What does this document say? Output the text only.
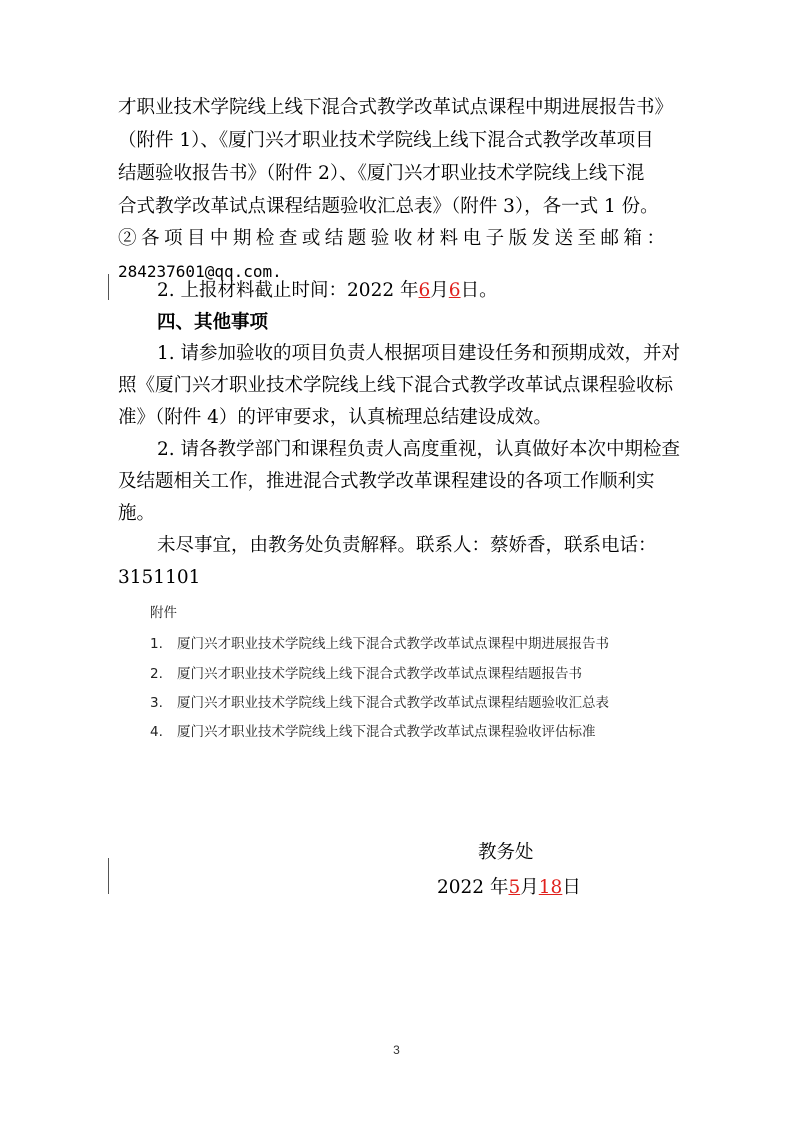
才职业技术学院线上线下混合式教学改革试点课程中期进展报告书》
（附件 1）、《厦门兴才职业技术学院线上线下混合式教学改革项目
结题验收报告书》（附件 2）、《厦门兴才职业技术学院线上线下混
合式教学改革试点课程结题验收汇总表》（附件 3），各一式 1 份。
②各项目中期检查或结题验收材料电子版发送至邮箱：
284237601@qq.com.
2. 上报材料截止时间：2022 年6月6日。
四、其他事项
1. 请参加验收的项目负责人根据项目建设任务和预期成效，并对
照《厦门兴才职业技术学院线上线下混合式教学改革试点课程验收标
准》（附件 4）的评审要求，认真梳理总结建设成效。
2. 请各教学部门和课程负责人高度重视，认真做好本次中期检查
及结题相关工作，推进混合式教学改革课程建设的各项工作顺利实
施。
未尽事宜，由教务处负责解释。联系人：蔡娇香，联系电话：
3151101
附件
1. 厦门兴才职业技术学院线上线下混合式教学改革试点课程中期进展报告书
2. 厦门兴才职业技术学院线上线下混合式教学改革试点课程结题报告书
3. 厦门兴才职业技术学院线上线下混合式教学改革试点课程结题验收汇总表
4. 厦门兴才职业技术学院线上线下混合式教学改革试点课程验收评估标准
教务处
2022 年5月18日
3
